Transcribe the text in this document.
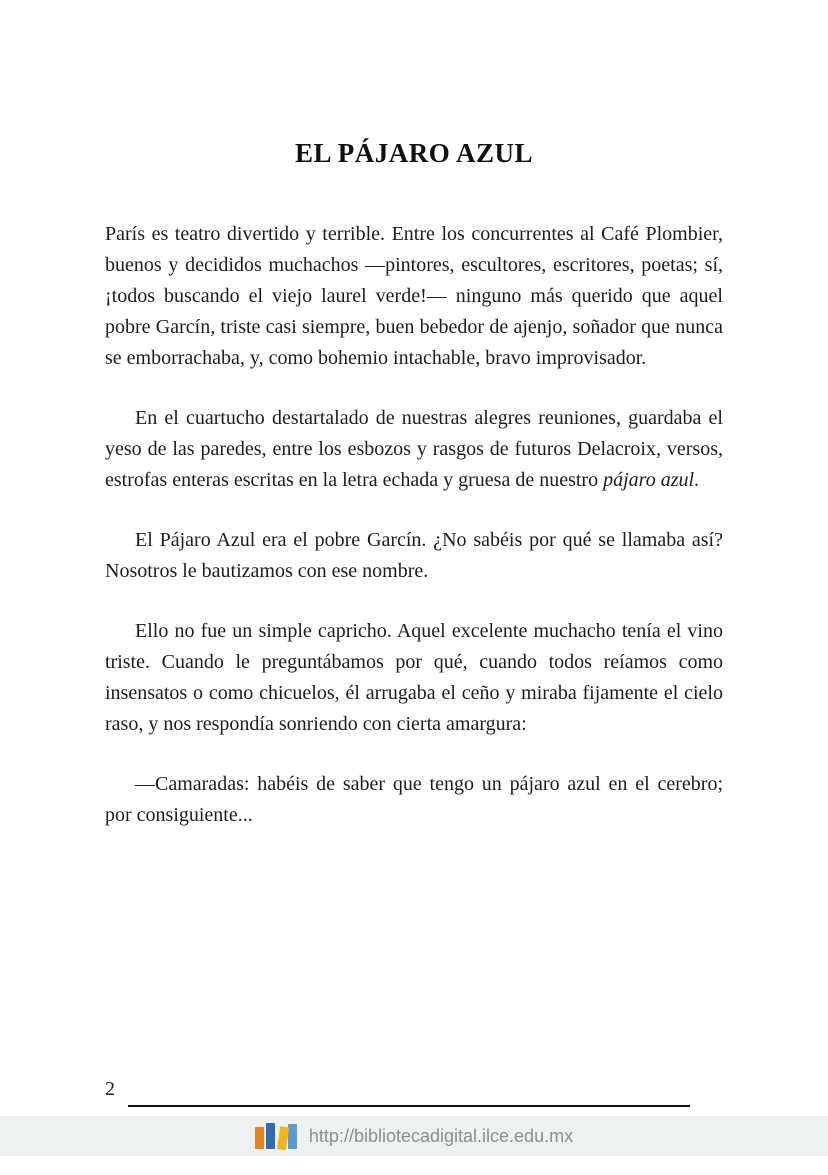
EL PÁJARO AZUL

París es teatro divertido y terrible. Entre los concurrentes al Café Plombier, buenos y decididos muchachos —pintores, escultores, escritores, poetas; sí, ¡todos buscando el viejo laurel verde!— ninguno más querido que aquel pobre Garcín, triste casi siempre, buen bebedor de ajenjo, soñador que nunca se emborrachaba, y, como bohemio intachable, bravo improvisador.

En el cuartucho destartalado de nuestras alegres reuniones, guardaba el yeso de las paredes, entre los esbozos y rasgos de futuros Delacroix, versos, estrofas enteras escritas en la letra echada y gruesa de nuestro pájaro azul.

El Pájaro Azul era el pobre Garcín. ¿No sabéis por qué se llamaba así? Nosotros le bautizamos con ese nombre.

Ello no fue un simple capricho. Aquel excelente muchacho tenía el vino triste. Cuando le preguntábamos por qué, cuando todos reíamos como insensatos o como chicuelos, él arrugaba el ceño y miraba fijamente el cielo raso, y nos respondía sonriendo con cierta amargura:

—Camaradas: habéis de saber que tengo un pájaro azul en el cerebro; por consiguiente...

2
http://bibliotecadigital.ilce.edu.mx
